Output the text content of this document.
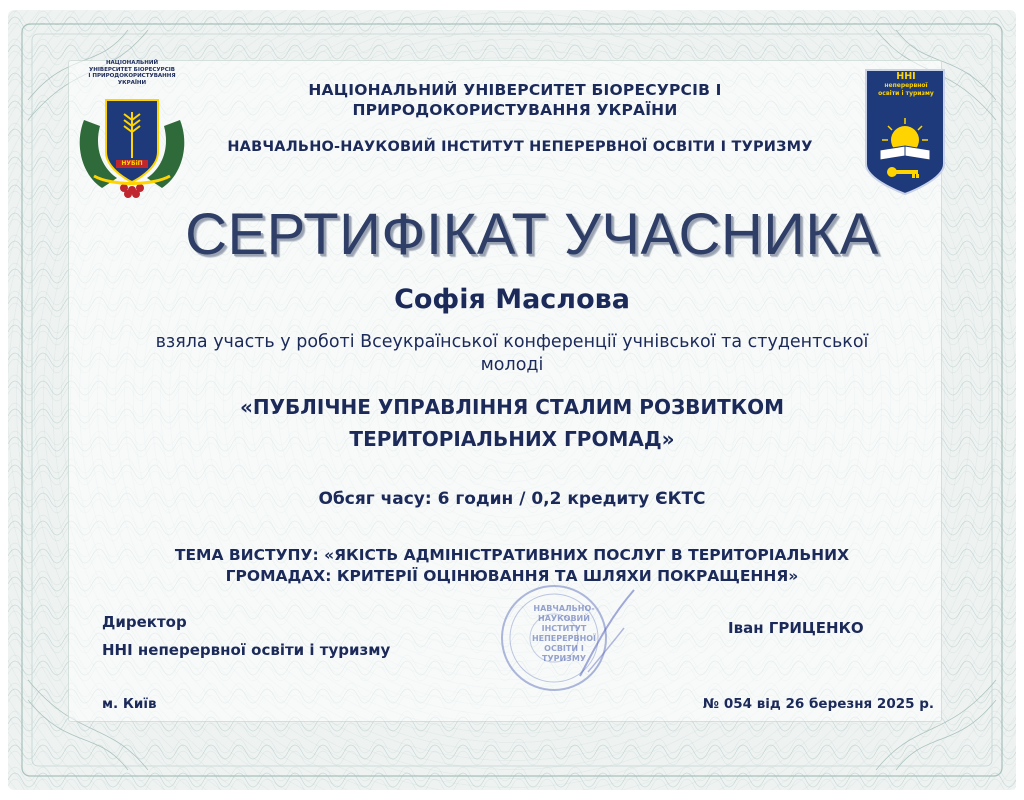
НАЦІОНАЛЬНИЙ
УНІВЕРСИТЕТ БІОРЕСУРСІВ
І ПРИРОДОКОРИСТУВАННЯ УКРАЇНИ
НУБіП
НАЦІОНАЛЬНИЙ УНІВЕРСИТЕТ БІОРЕСУРСІВ І
ПРИРОДОКОРИСТУВАННЯ УКРАЇНИ
НАВЧАЛЬНО-НАУКОВИЙ ІНСТИТУТ НЕПЕРЕРВНОЇ ОСВІТИ І ТУРИЗМУ
ННІ
неперервної
освіти і туризму
СЕРТИФІКАТ УЧАСНИКА
Софія Маслова
взяла участь у роботі Всеукраїнської конференції учнівської та студентської
молоді
«ПУБЛІЧНЕ УПРАВЛІННЯ СТАЛИМ РОЗВИТКОМ
ТЕРИТОРІАЛЬНИХ ГРОМАД»
Обсяг часу: 6 годин / 0,2 кредиту ЄКТС
ТЕМА ВИСТУПУ: «ЯКІСТЬ АДМІНІСТРАТИВНИХ ПОСЛУГ В ТЕРИТОРІАЛЬНИХ
ГРОМАДАХ: КРИТЕРІЇ ОЦІНЮВАННЯ ТА ШЛЯХИ ПОКРАЩЕННЯ»
НАВЧАЛЬНО-
НАУКОВИЙ
ІНСТИТУТ
НЕПЕРЕРВНОЇ
ОСВІТИ І
ТУРИЗМУ
Директор
ННІ неперервної освіти і туризму
Іван ГРИЦЕНКО
м. Київ	№ 054 від 26 березня 2025 р.
